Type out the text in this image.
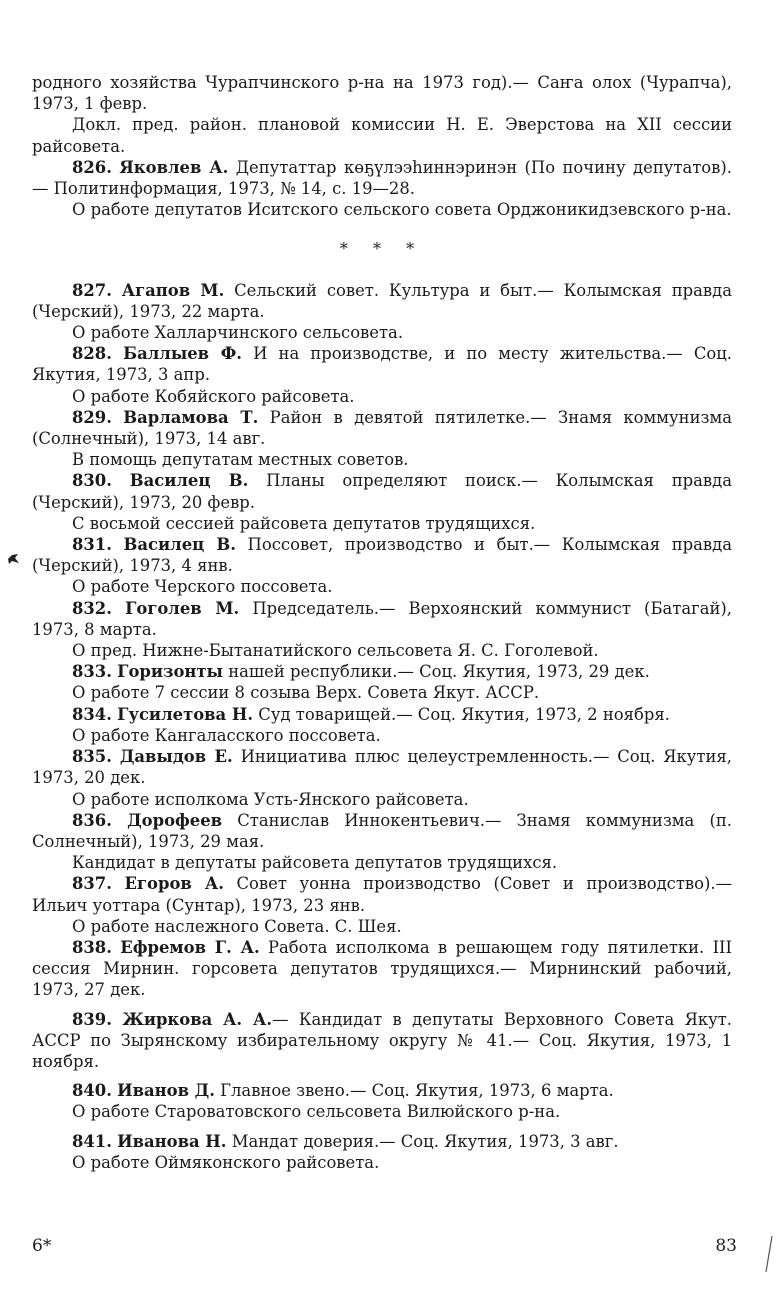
родного хозяйства Чурапчинского р-на на 1973 год).— Саҥа олох (Чурапча), 1973, 1 февр.

Докл. пред. район. плановой комиссии Н. Е. Эверстова на XII сессии райсовета.

826. Яковлев А. Депутаттар көҕүлээһиннэринэн (По почину депутатов).— Политинформация, 1973, № 14, с. 19—28.

О работе депутатов Иситского сельского совета Орджоникидзевского р-на.

* * *

827. Агапов М. Сельский совет. Культура и быт.— Колымская правда (Черский), 1973, 22 марта.

О работе Халларчинского сельсовета.

828. Баллыев Ф. И на производстве, и по месту жительства.— Соц. Якутия, 1973, 3 апр.

О работе Кобяйского райсовета.

829. Варламова Т. Район в девятой пятилетке.— Знамя коммунизма (Солнечный), 1973, 14 авг.

В помощь депутатам местных советов.

830. Василец В. Планы определяют поиск.— Колымская правда (Черский), 1973, 20 февр.

С восьмой сессией райсовета депутатов трудящихся.

831. Василец В. Поссовет, производство и быт.— Колымская правда (Черский), 1973, 4 янв.

О работе Черского поссовета.

832. Гоголев М. Председатель.— Верхоянский коммунист (Батагай), 1973, 8 марта.

О пред. Нижне-Бытанатийского сельсовета Я. С. Гоголевой.

833. Горизонты нашей республики.— Соц. Якутия, 1973, 29 дек.

О работе 7 сессии 8 созыва Верх. Совета Якут. АССР.

834. Гусилетова Н. Суд товарищей.— Соц. Якутия, 1973, 2 ноября.

О работе Кангаласского поссовета.

835. Давыдов Е. Инициатива плюс целеустремленность.— Соц. Якутия, 1973, 20 дек.

О работе исполкома Усть-Янского райсовета.

836. Дорофеев Станислав Иннокентьевич.— Знамя коммунизма (п. Солнечный), 1973, 29 мая.

Кандидат в депутаты райсовета депутатов трудящихся.

837. Егоров А. Совет уонна производство (Совет и производство).— Ильич уоттара (Сунтар), 1973, 23 янв.

О работе наслежного Совета. С. Шея.

838. Ефремов Г. А. Работа исполкома в решающем году пятилетки. III сессия Мирнин. горсовета депутатов трудящихся.— Мирнинский рабочий, 1973, 27 дек.

839. Жиркова А. А.— Кандидат в депутаты Верховного Совета Якут. АССР по Зырянскому избирательному округу № 41.— Соц. Якутия, 1973, 1 ноября.

840. Иванов Д. Главное звено.— Соц. Якутия, 1973, 6 марта.

О работе Староватовского сельсовета Вилюйского р-на.

841. Иванова Н. Мандат доверия.— Соц. Якутия, 1973, 3 авг.

О работе Оймяконского райсовета.

6*	83
